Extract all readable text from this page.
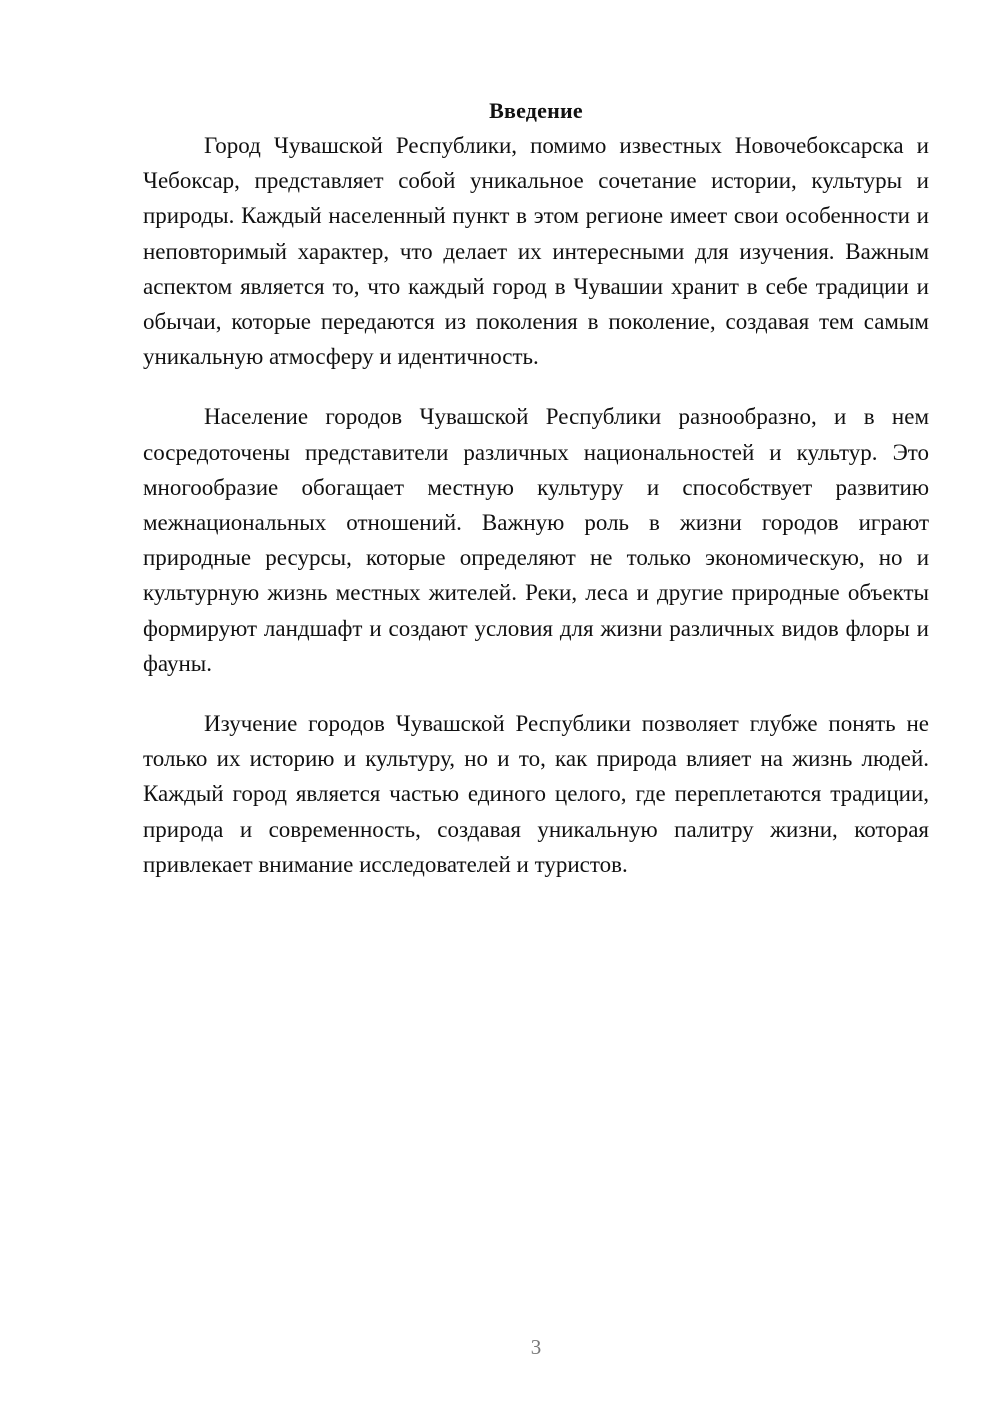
Введение

Город Чувашской Республики, помимо известных Новочебоксарска и Чебоксар, представляет собой уникальное сочетание истории, культуры и природы. Каждый населенный пункт в этом регионе имеет свои особенности и неповторимый характер, что делает их интересными для изучения. Важным аспектом является то, что каждый город в Чувашии хранит в себе традиции и обычаи, которые передаются из поколения в поколение, создавая тем самым уникальную атмосферу и идентичность.

Население городов Чувашской Республики разнообразно, и в нем сосредоточены представители различных национальностей и культур. Это многообразие обогащает местную культуру и способствует развитию межнациональных отношений. Важную роль в жизни городов играют природные ресурсы, которые определяют не только экономическую, но и культурную жизнь местных жителей. Реки, леса и другие природные объекты формируют ландшафт и создают условия для жизни различных видов флоры и фауны.

Изучение городов Чувашской Республики позволяет глубже понять не только их историю и культуру, но и то, как природа влияет на жизнь людей. Каждый город является частью единого целого, где переплетаются традиции, природа и современность, создавая уникальную палитру жизни, которая привлекает внимание исследователей и туристов.

3
